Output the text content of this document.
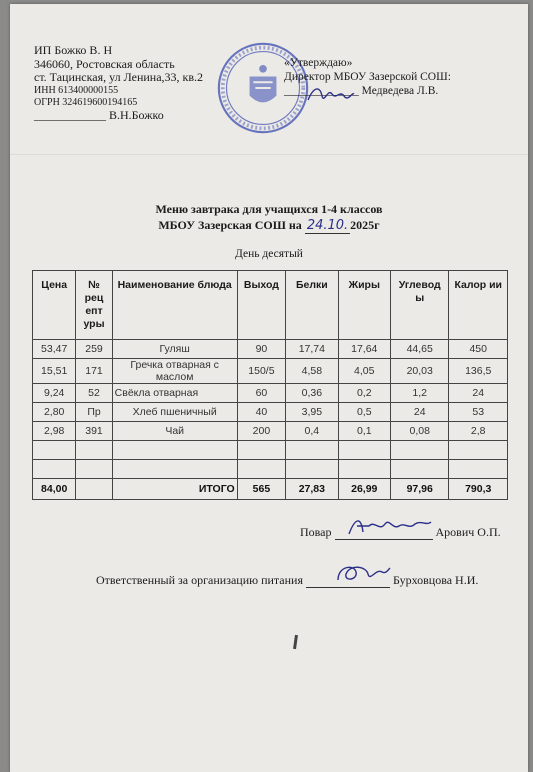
ИП Божко В. Н
346060, Ростовская область
ст. Тацинская, ул Ленина,33, кв.2
ИНН 613400000155
ОГРН 324619600194165
____________ В.Н.Божко
«Утверждаю»
Директор МБОУ Зазерской СОШ:
_____________ Медведева Л.В.
Меню завтрака для учащихся 1-4 классов
МБОУ Зазерская СОШ на 24.10. 2025г
День десятый
Цена	№ рец епт уры	Наименование блюда	Выход	Белки	Жиры	Углевод ы	Калор ии
53,47	259	Гуляш	90	17,74	17,64	44,65	450
15,51	171	Гречка отварная с маслом	150/5	4,58	4,05	20,03	136,5
9,24	52	Свёкла отварная	60	0,36	0,2	1,2	24
2,80	Пр	Хлеб пшеничный	40	3,95	0,5	24	53
2,98	391	Чай	200	0,4	0,1	0,08	2,8

84,00		ИТОГО	565	27,83	26,99	97,96	790,3
Повар	Арович О.П.
Ответственный за организацию питания	Бурховцова Н.И.
